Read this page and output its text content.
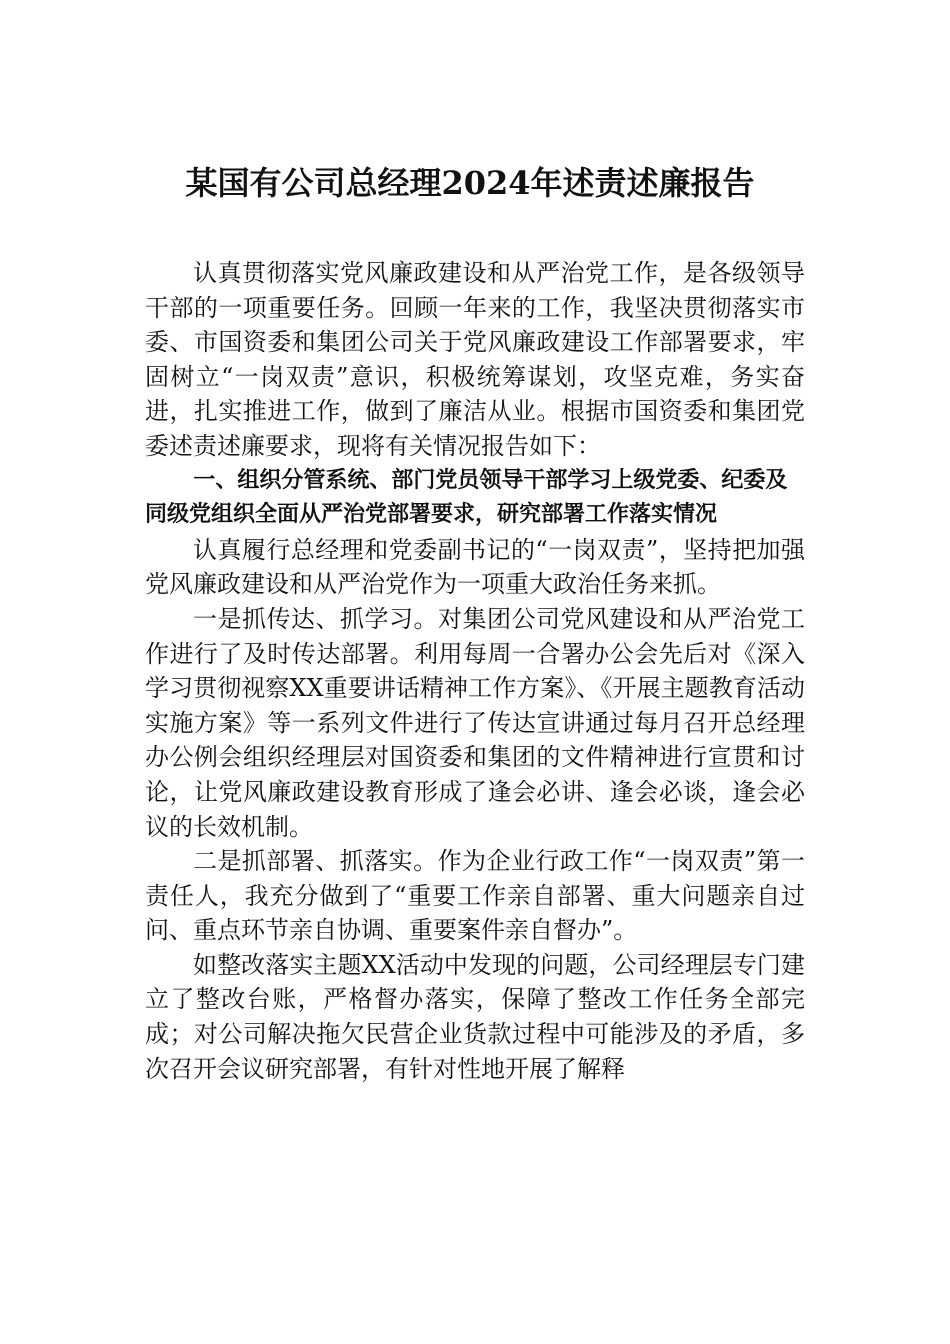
某国有公司总经理2024年述责述廉报告

认真贯彻落实党风廉政建设和从严治党工作，是各级领导干部的一项重要任务。回顾一年来的工作，我坚决贯彻落实市委、市国资委和集团公司关于党风廉政建设工作部署要求，牢固树立“一岗双责”意识，积极统筹谋划，攻坚克难，务实奋进，扎实推进工作，做到了廉洁从业。根据市国资委和集团党委述责述廉要求，现将有关情况报告如下：

一、组织分管系统、部门党员领导干部学习上级党委、纪委及同级党组织全面从严治党部署要求，研究部署工作落实情况

认真履行总经理和党委副书记的“一岗双责”，坚持把加强党风廉政建设和从严治党作为一项重大政治任务来抓。

一是抓传达、抓学习。对集团公司党风建设和从严治党工作进行了及时传达部署。利用每周一合署办公会先后对《深入学习贯彻视察XX重要讲话精神工作方案》、《开展主题教育活动实施方案》等一系列文件进行了传达宣讲通过每月召开总经理办公例会组织经理层对国资委和集团的文件精神进行宣贯和讨论，让党风廉政建设教育形成了逢会必讲、逢会必谈，逢会必议的长效机制。

二是抓部署、抓落实。作为企业行政工作“一岗双责”第一责任人，我充分做到了“重要工作亲自部署、重大问题亲自过问、重点环节亲自协调、重要案件亲自督办”。

如整改落实主题XX活动中发现的问题，公司经理层专门建立了整改台账，严格督办落实，保障了整改工作任务全部完成；对公司解决拖欠民营企业货款过程中可能涉及的矛盾，多次召开会议研究部署，有针对性地开展了解释
